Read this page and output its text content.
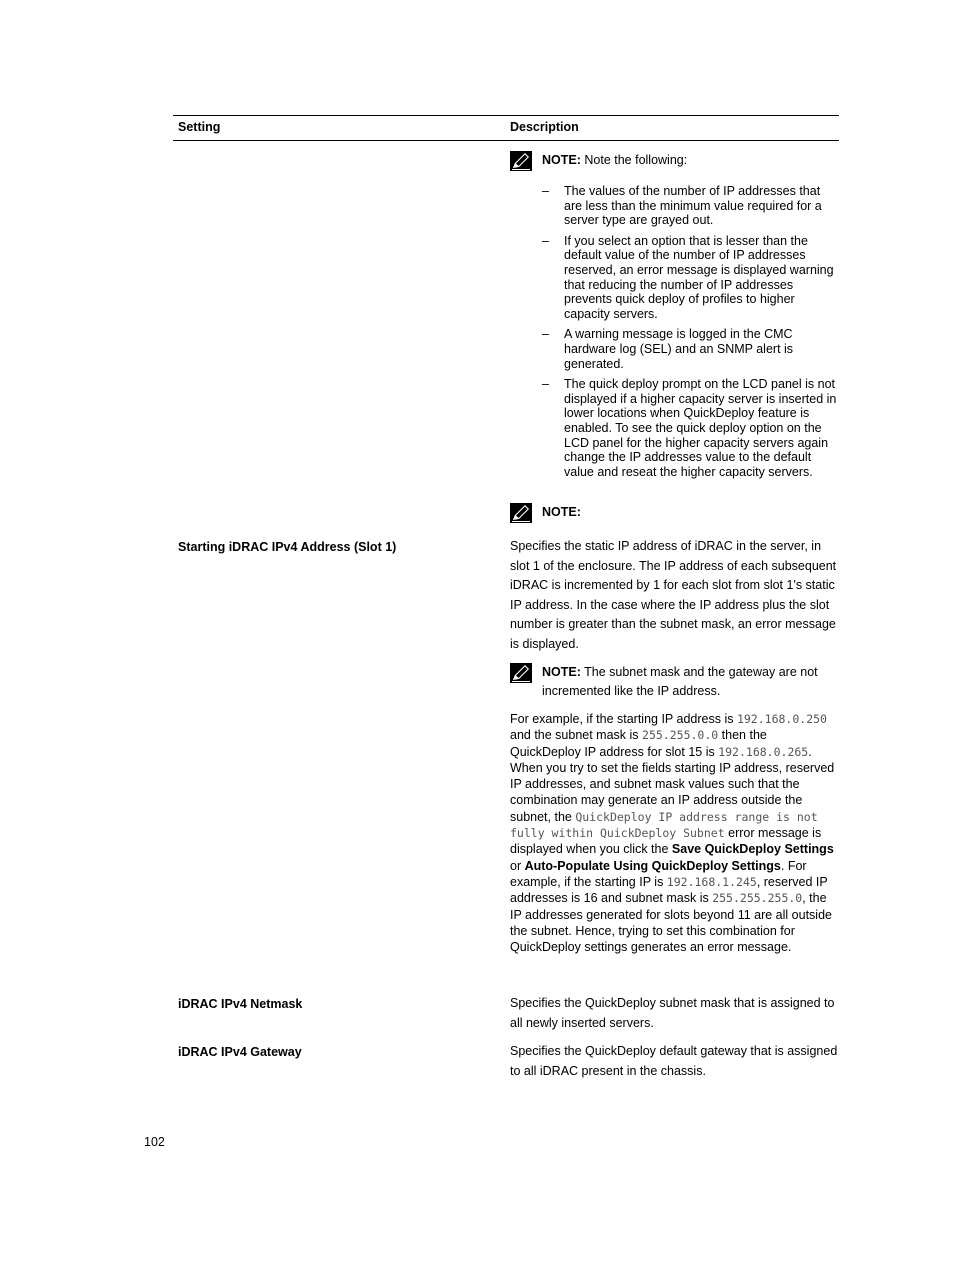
Setting	Description
NOTE: Note the following:
– The values of the number of IP addresses that are less than the minimum value required for a server type are grayed out.
– If you select an option that is lesser than the default value of the number of IP addresses reserved, an error message is displayed warning that reducing the number of IP addresses prevents quick deploy of profiles to higher capacity servers.
– A warning message is logged in the CMC hardware log (SEL) and an SNMP alert is generated.
– The quick deploy prompt on the LCD panel is not displayed if a higher capacity server is inserted in lower locations when QuickDeploy feature is enabled. To see the quick deploy option on the LCD panel for the higher capacity servers again change the IP addresses value to the default value and reseat the higher capacity servers.
NOTE:
Starting iDRAC IPv4 Address (Slot 1)	Specifies the static IP address of iDRAC in the server, in slot 1 of the enclosure. The IP address of each subsequent iDRAC is incremented by 1 for each slot from slot 1's static IP address. In the case where the IP address plus the slot number is greater than the subnet mask, an error message is displayed.
NOTE: The subnet mask and the gateway are not incremented like the IP address.
For example, if the starting IP address is 192.168.0.250 and the subnet mask is 255.255.0.0 then the QuickDeploy IP address for slot 15 is 192.168.0.265. When you try to set the fields starting IP address, reserved IP addresses, and subnet mask values such that the combination may generate an IP address outside the subnet, the QuickDeploy IP address range is not fully within QuickDeploy Subnet error message is displayed when you click the Save QuickDeploy Settings or Auto-Populate Using QuickDeploy Settings. For example, if the starting IP is 192.168.1.245, reserved IP addresses is 16 and subnet mask is 255.255.255.0, the IP addresses generated for slots beyond 11 are all outside the subnet. Hence, trying to set this combination for QuickDeploy settings generates an error message.
iDRAC IPv4 Netmask	Specifies the QuickDeploy subnet mask that is assigned to all newly inserted servers.
iDRAC IPv4 Gateway	Specifies the QuickDeploy default gateway that is assigned to all iDRAC present in the chassis.
102
